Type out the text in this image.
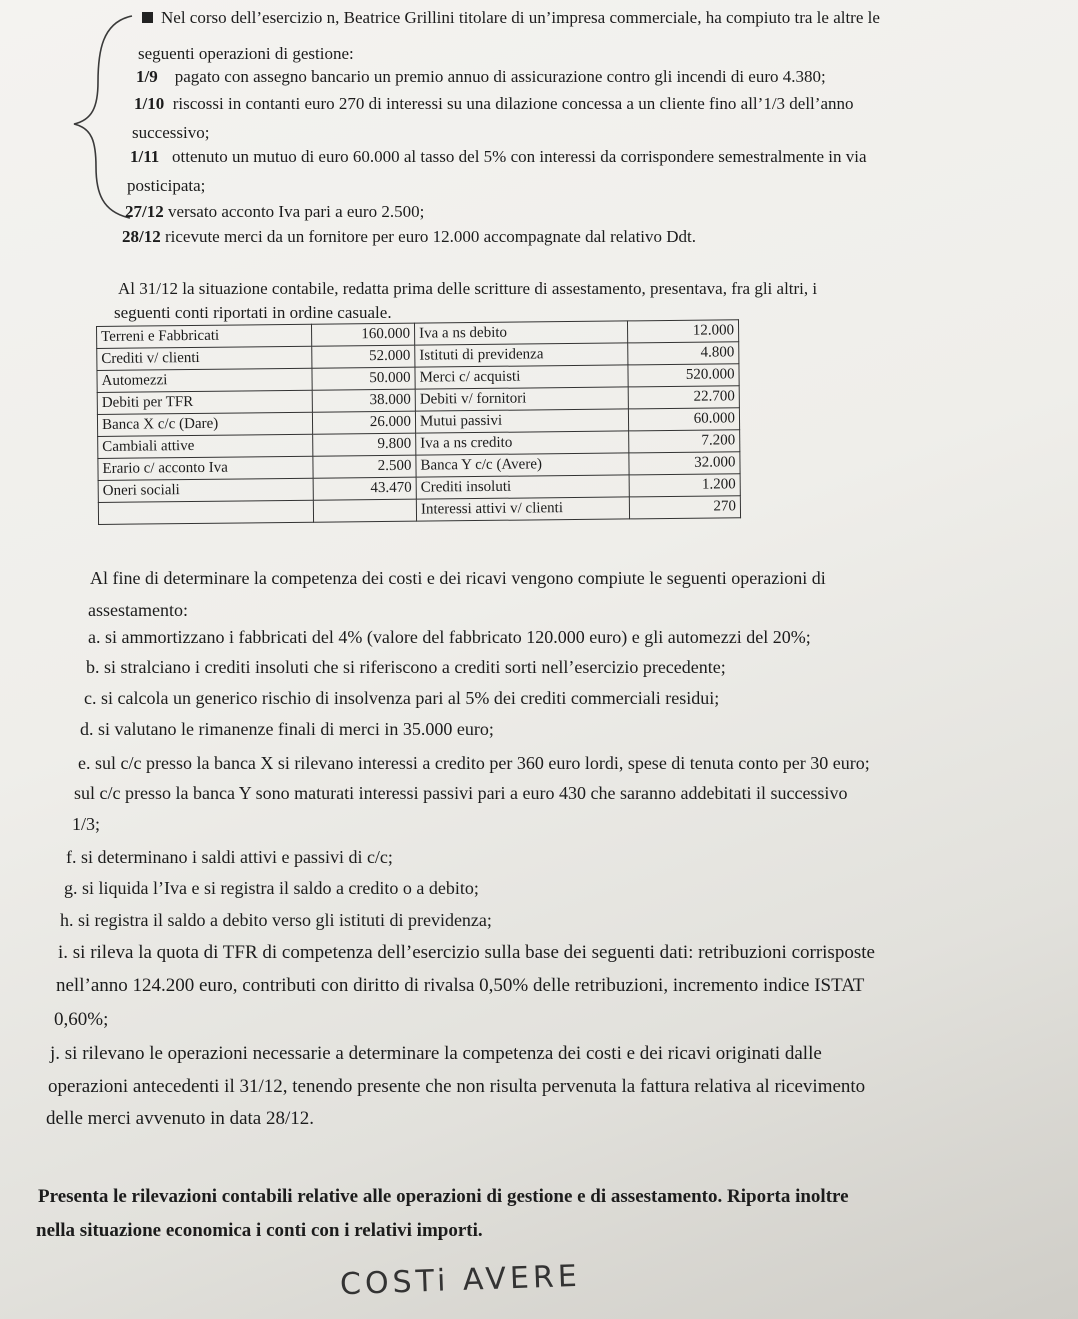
Nel corso dell’esercizio n, Beatrice Grillini titolare di un’impresa commerciale, ha compiuto tra le altre le
seguenti operazioni di gestione:
1/9 pagato con assegno bancario un premio annuo di assicurazione contro gli incendi di euro 4.380;
1/10 riscossi in contanti euro 270 di interessi su una dilazione concessa a un cliente fino all’1/3 dell’anno
successivo;
1/11 ottenuto un mutuo di euro 60.000 al tasso del 5% con interessi da corrispondere semestralmente in via
posticipata;
27/12 versato acconto Iva pari a euro 2.500;
28/12 ricevute merci da un fornitore per euro 12.000 accompagnate dal relativo Ddt.
Al 31/12 la situazione contabile, redatta prima delle scritture di assestamento, presentava, fra gli altri, i
seguenti conti riportati in ordine casuale.
Terreni e Fabbricati	160.000	Iva a ns debito	12.000
Crediti v/ clienti	52.000	Istituti di previdenza	4.800
Automezzi	50.000	Merci c/ acquisti	520.000
Debiti per TFR	38.000	Debiti v/ fornitori	22.700
Banca X c/c (Dare)	26.000	Mutui passivi	60.000
Cambiali attive	9.800	Iva a ns credito	7.200
Erario c/ acconto Iva	2.500	Banca Y c/c (Avere)	32.000
Oneri sociali	43.470	Crediti insoluti	1.200
		Interessi attivi v/ clienti	270
Al fine di determinare la competenza dei costi e dei ricavi vengono compiute le seguenti operazioni di
assestamento:
a. si ammortizzano i fabbricati del 4% (valore del fabbricato 120.000 euro) e gli automezzi del 20%;
b. si stralciano i crediti insoluti che si riferiscono a crediti sorti nell’esercizio precedente;
c. si calcola un generico rischio di insolvenza pari al 5% dei crediti commerciali residui;
d. si valutano le rimanenze finali di merci in 35.000 euro;
e. sul c/c presso la banca X si rilevano interessi a credito per 360 euro lordi, spese di tenuta conto per 30 euro;
sul c/c presso la banca Y sono maturati interessi passivi pari a euro 430 che saranno addebitati il successivo
1/3;
f. si determinano i saldi attivi e passivi di c/c;
g. si liquida l’Iva e si registra il saldo a credito o a debito;
h. si registra il saldo a debito verso gli istituti di previdenza;
i. si rileva la quota di TFR di competenza dell’esercizio sulla base dei seguenti dati: retribuzioni corrisposte
nell’anno 124.200 euro, contributi con diritto di rivalsa 0,50% delle retribuzioni, incremento indice ISTAT
0,60%;
j. si rilevano le operazioni necessarie a determinare la competenza dei costi e dei ricavi originati dalle
operazioni antecedenti il 31/12, tenendo presente che non risulta pervenuta la fattura relativa al ricevimento
delle merci avvenuto in data 28/12.
Presenta le rilevazioni contabili relative alle operazioni di gestione e di assestamento. Riporta inoltre
nella situazione economica i conti con i relativi importi.
COSTi AVERE
